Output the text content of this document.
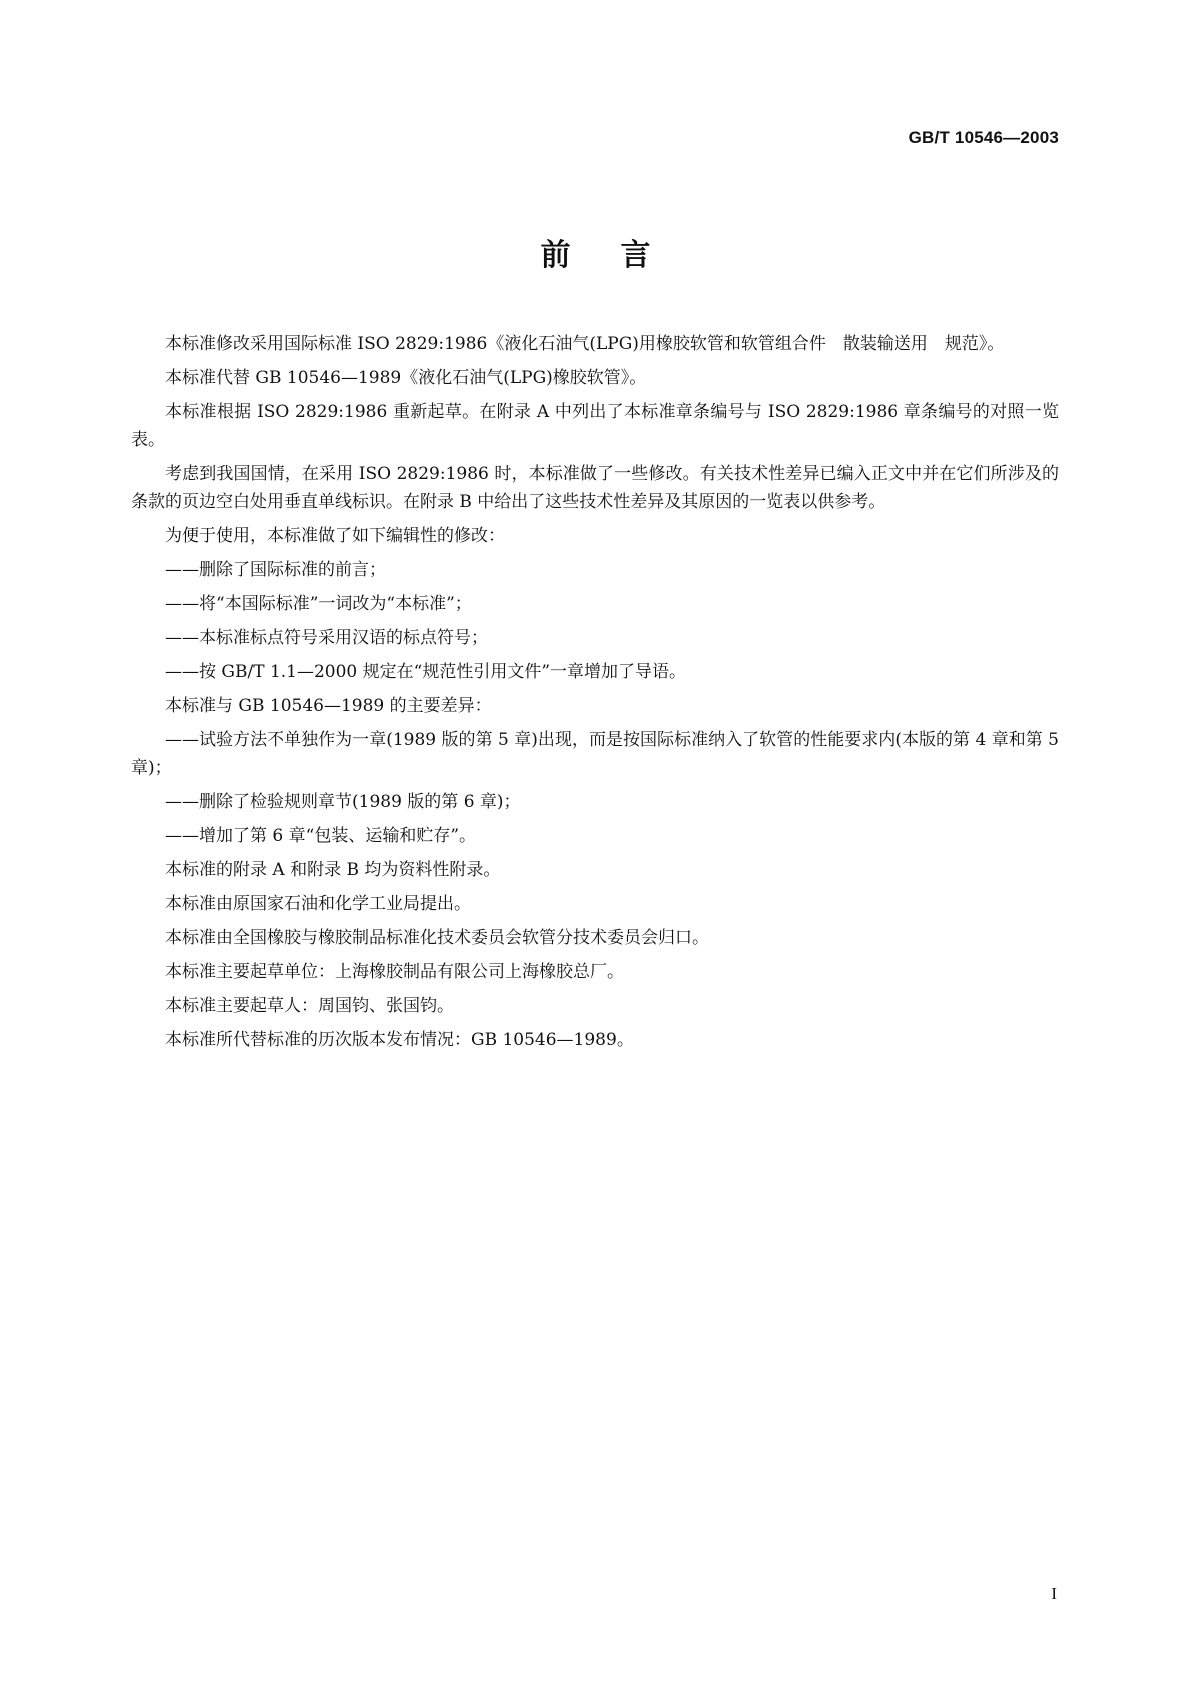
GB/T 10546—2003
前言

本标准修改采用国际标准 ISO 2829:1986《液化石油气(LPG)用橡胶软管和软管组合件　散装输送用　规范》。

本标准代替 GB 10546—1989《液化石油气(LPG)橡胶软管》。

本标准根据 ISO 2829:1986 重新起草。在附录 A 中列出了本标准章条编号与 ISO 2829:1986 章条编号的对照一览表。

考虑到我国国情，在采用 ISO 2829:1986 时，本标准做了一些修改。有关技术性差异已编入正文中并在它们所涉及的条款的页边空白处用垂直单线标识。在附录 B 中给出了这些技术性差异及其原因的一览表以供参考。

为便于使用，本标准做了如下编辑性的修改：

——删除了国际标准的前言；

——将“本国际标准”一词改为“本标准”；

——本标准标点符号采用汉语的标点符号；

——按 GB/T 1.1—2000 规定在“规范性引用文件”一章增加了导语。

本标准与 GB 10546—1989 的主要差异：

——试验方法不单独作为一章(1989 版的第 5 章)出现，而是按国际标准纳入了软管的性能要求内(本版的第 4 章和第 5 章)；

——删除了检验规则章节(1989 版的第 6 章)；

——增加了第 6 章“包装、运输和贮存”。

本标准的附录 A 和附录 B 均为资料性附录。

本标准由原国家石油和化学工业局提出。

本标准由全国橡胶与橡胶制品标准化技术委员会软管分技术委员会归口。

本标准主要起草单位：上海橡胶制品有限公司上海橡胶总厂。

本标准主要起草人：周国钧、张国钧。

本标准所代替标准的历次版本发布情况：GB 10546—1989。

I
